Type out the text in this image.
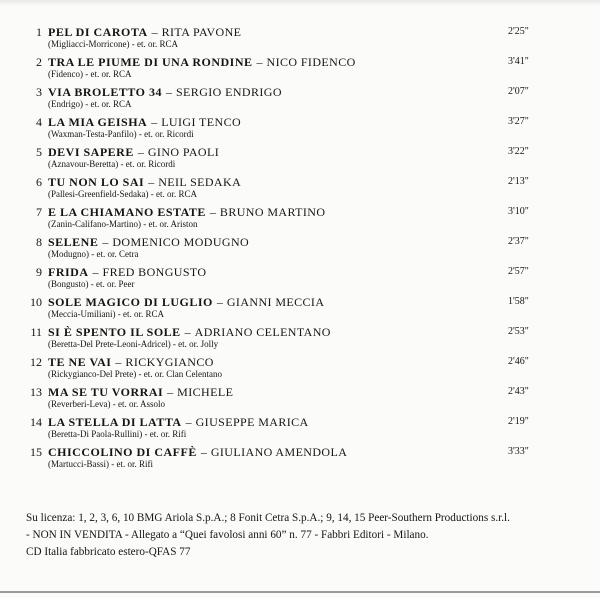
1 PEL DI CAROTA – RITA PAVONE
(Migliacci-Morricone) - et. or. RCA
2'25"
2 TRA LE PIUME DI UNA RONDINE – NICO FIDENCO
(Fidenco) - et. or. RCA
3'41"
3 VIA BROLETTO 34 – SERGIO ENDRIGO
(Endrigo) - et. or. RCA
2'07"
4 LA MIA GEISHA – LUIGI TENCO
(Waxman-Testa-Panfilo) - et. or. Ricordi
3'27"
5 DEVI SAPERE – GINO PAOLI
(Aznavour-Beretta) - et. or. Ricordi
3'22"
6 TU NON LO SAI – NEIL SEDAKA
(Pallesi-Greenfield-Sedaka) - et. or. RCA
2'13"
7 E LA CHIAMANO ESTATE – BRUNO MARTINO
(Zanin-Califano-Martino) - et. or. Ariston
3'10"
8 SELENE – DOMENICO MODUGNO
(Modugno) - et. or. Cetra
2'37"
9 FRIDA – FRED BONGUSTO
(Bongusto) - et. or. Peer
2'57"
10 SOLE MAGICO DI LUGLIO – GIANNI MECCIA
(Meccia-Umiliani) - et. or. RCA
1'58"
11 SI È SPENTO IL SOLE – ADRIANO CELENTANO
(Beretta-Del Prete-Leoni-Adricel) - et. or. Jolly
2'53"
12 TE NE VAI – RICKYGIANCO
(Rickygianco-Del Prete) - et. or. Clan Celentano
2'46"
13 MA SE TU VORRAI – MICHELE
(Reverberi-Leva) - et. or. Assolo
2'43"
14 LA STELLA DI LATTA – GIUSEPPE MARICA
(Beretta-Di Paola-Rullini) - et. or. Rifi
2'19"
15 CHICCOLINO DI CAFFÈ – GIULIANO AMENDOLA
(Martucci-Bassi) - et. or. Rifi
3'33"
Su licenza: 1, 2, 3, 6, 10 BMG Ariola S.p.A.; 8 Fonit Cetra S.p.A.; 9, 14, 15 Peer-Southern Productions s.r.l.
- NON IN VENDITA - Allegato a “Quei favolosi anni 60” n. 77 - Fabbri Editori - Milano.
CD Italia fabbricato estero-QFAS 77
